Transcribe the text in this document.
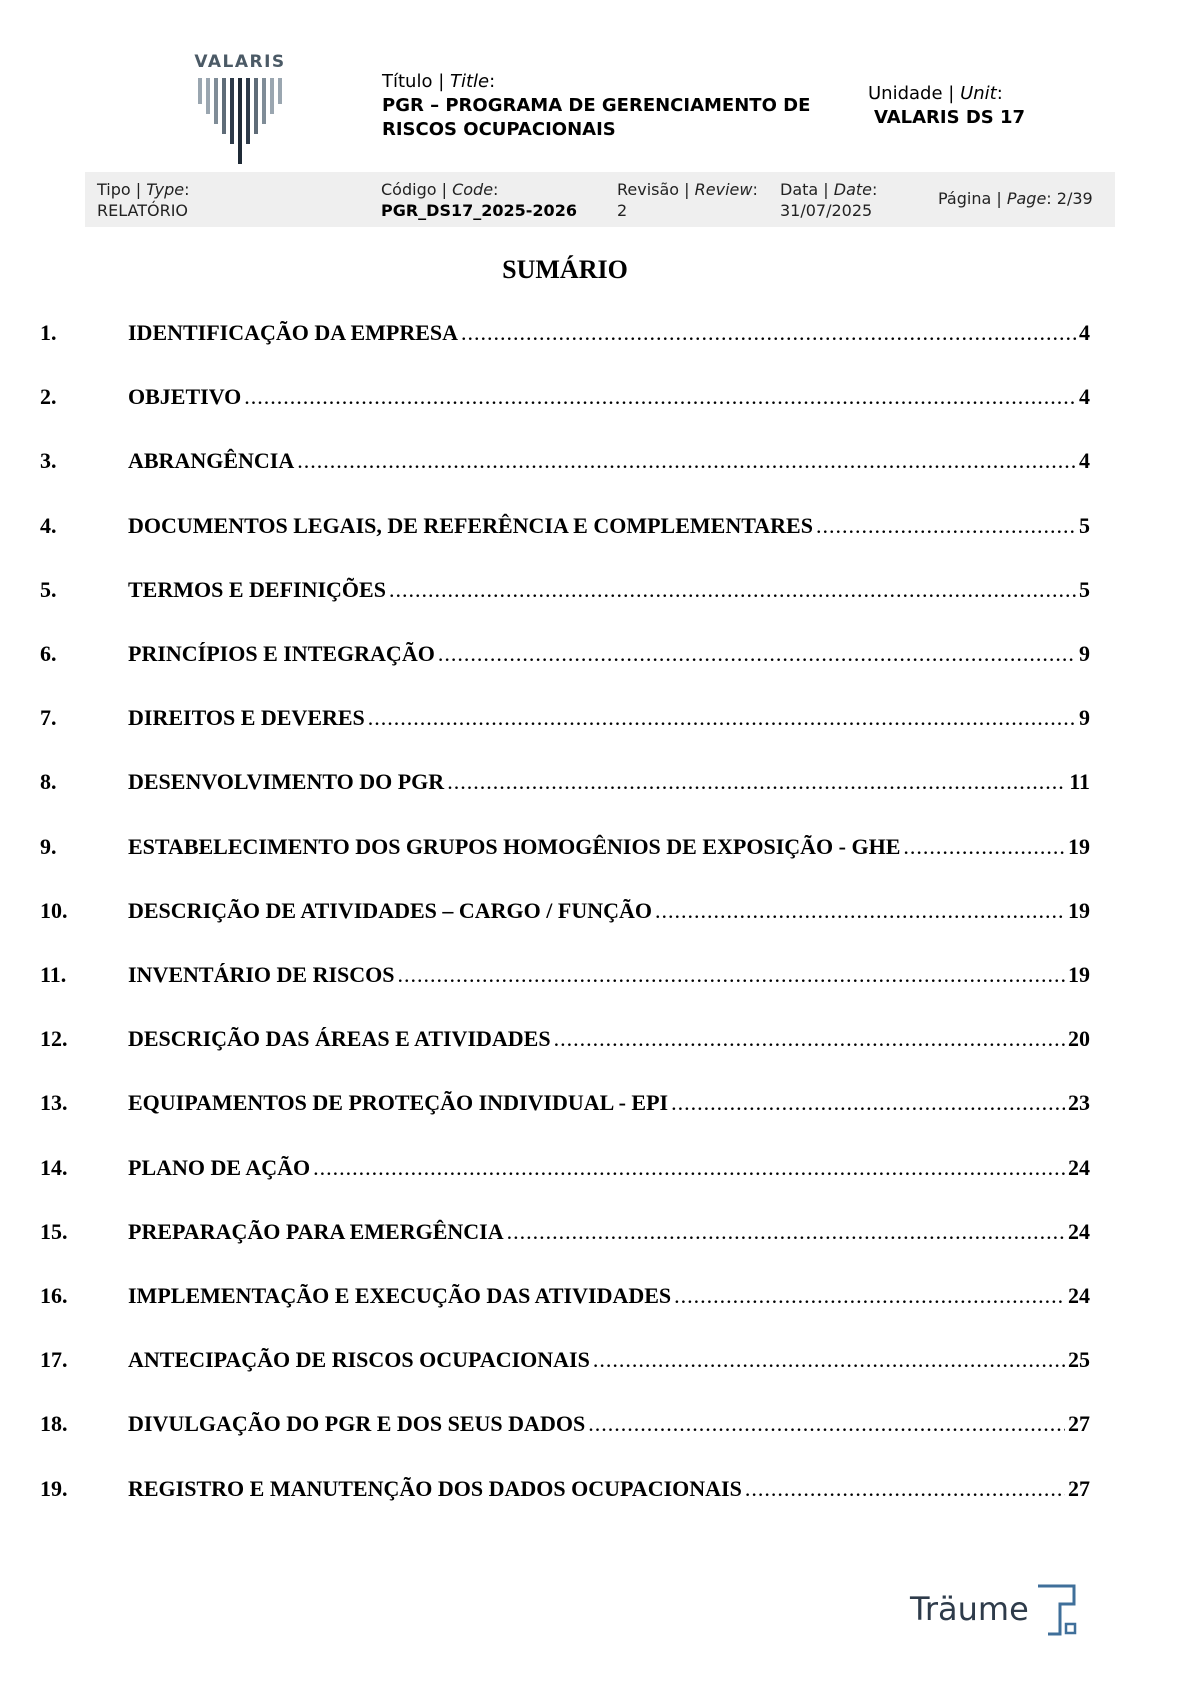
VALARIS
Título | Title:
PGR – PROGRAMA DE GERENCIAMENTO DE
RISCOS OCUPACIONAIS
Unidade | Unit:
VALARIS DS 17
Tipo | Type:
RELATÓRIO
Código | Code:
PGR_DS17_2025-2026
Revisão | Review:
2
Data | Date:
31/07/2025
Página | Page: 2/39
SUMÁRIO
1.	IDENTIFICAÇÃO DA EMPRESA .....	4
2.	OBJETIVO .....	4
3.	ABRANGÊNCIA .....	4
4.	DOCUMENTOS LEGAIS, DE REFERÊNCIA E COMPLEMENTARES .....	5
5.	TERMOS E DEFINIÇÕES .....	5
6.	PRINCÍPIOS E INTEGRAÇÃO .....	9
7.	DIREITOS E DEVERES .....	9
8.	DESENVOLVIMENTO DO PGR .....	11
9.	ESTABELECIMENTO DOS GRUPOS HOMOGÊNIOS DE EXPOSIÇÃO - GHE .....	19
10.	DESCRIÇÃO DE ATIVIDADES – CARGO / FUNÇÃO .....	19
11.	INVENTÁRIO DE RISCOS .....	19
12.	DESCRIÇÃO DAS ÁREAS E ATIVIDADES .....	20
13.	EQUIPAMENTOS DE PROTEÇÃO INDIVIDUAL - EPI .....	23
14.	PLANO DE AÇÃO .....	24
15.	PREPARAÇÃO PARA EMERGÊNCIA .....	24
16.	IMPLEMENTAÇÃO E EXECUÇÃO DAS ATIVIDADES .....	24
17.	ANTECIPAÇÃO DE RISCOS OCUPACIONAIS .....	25
18.	DIVULGAÇÃO DO PGR E DOS SEUS DADOS .....	27
19.	REGISTRO E MANUTENÇÃO DOS DADOS OCUPACIONAIS .....	27
Träume
